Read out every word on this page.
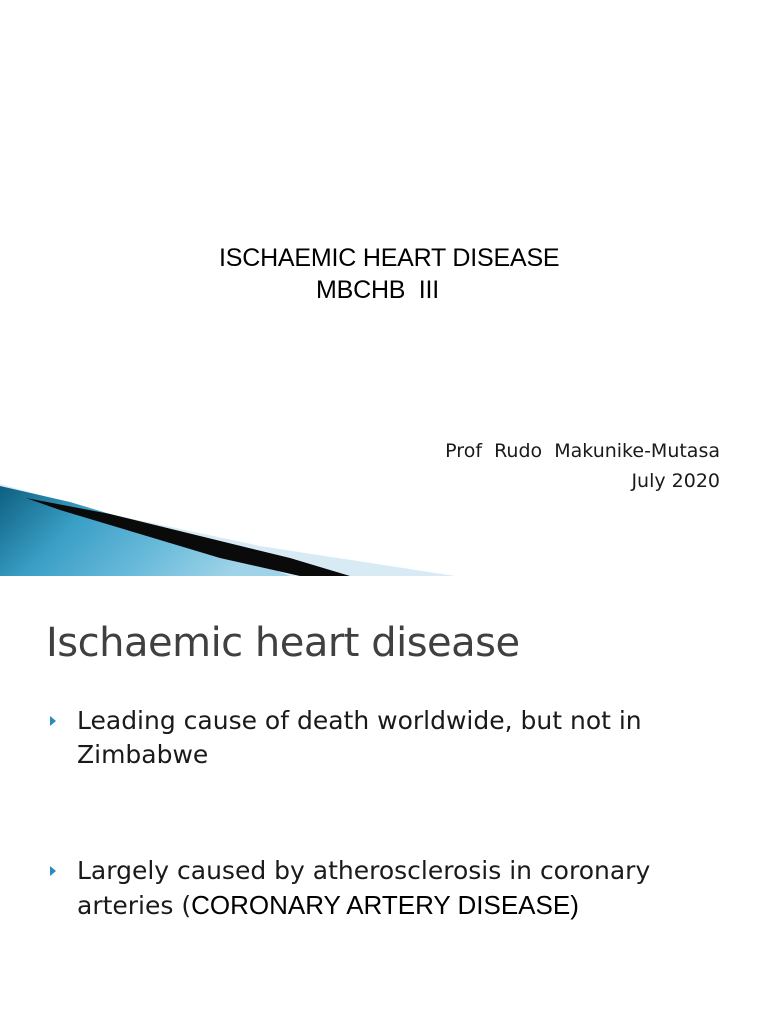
ISCHAEMIC HEART DISEASE
MBCHB  III
Prof  Rudo  Makunike-Mutasa
July 2020
Ischaemic heart disease
Leading cause of death worldwide, but not in Zimbabwe
Largely caused by atherosclerosis in coronary arteries (CORONARY ARTERY DISEASE)
